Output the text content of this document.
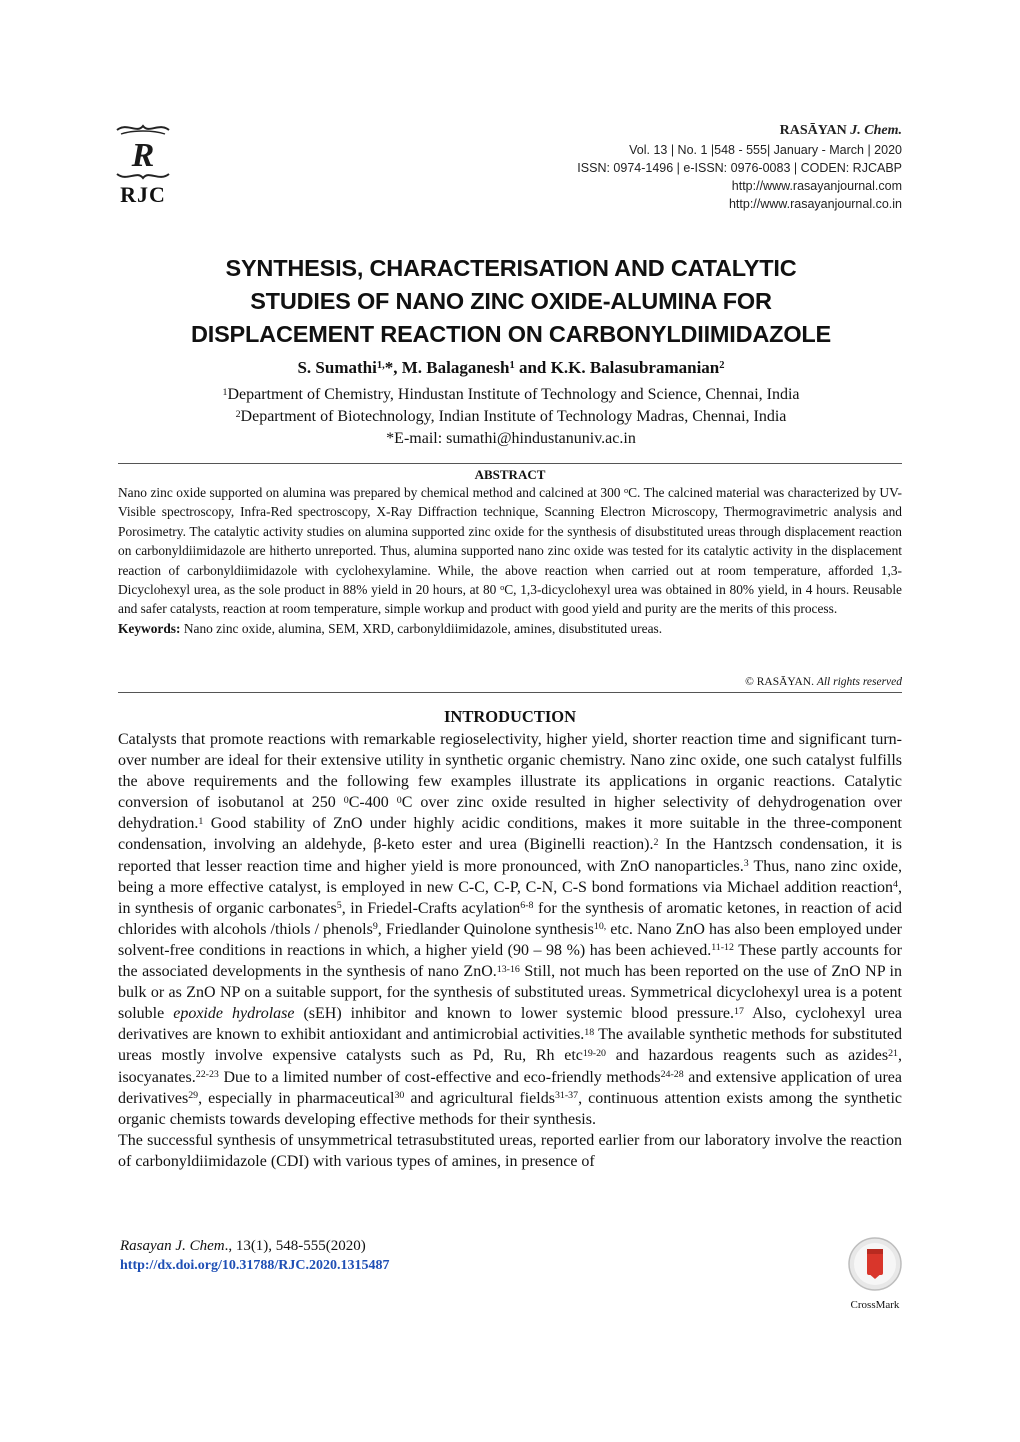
R
RJC
RASĀYAN J. Chem.
Vol. 13 | No. 1 |548 - 555| January - March | 2020
ISSN: 0974-1496 | e-ISSN: 0976-0083 | CODEN: RJCABP
http://www.rasayanjournal.com
http://www.rasayanjournal.co.in
SYNTHESIS, CHARACTERISATION AND CATALYTIC
STUDIES OF NANO ZINC OXIDE-ALUMINA FOR
DISPLACEMENT REACTION ON CARBONYLDIIMIDAZOLE
S. Sumathi$^{1,}$*, M. Balaganesh$^1$ and K.K. Balasubramanian$^2$
$^1$Department of Chemistry, Hindustan Institute of Technology and Science, Chennai, India
$^2$Department of Biotechnology, Indian Institute of Technology Madras, Chennai, India
*E-mail: sumathi@hindustanuniv.ac.in
ABSTRACT

Nano zinc oxide supported on alumina was prepared by chemical method and calcined at 300 $^o$C. The calcined material was characterized by UV-Visible spectroscopy, Infra-Red spectroscopy, X-Ray Diffraction technique, Scanning Electron Microscopy, Thermogravimetric analysis and Porosimetry. The catalytic activity studies on alumina supported zinc oxide for the synthesis of disubstituted ureas through displacement reaction on carbonyldiimidazole are hitherto unreported. Thus, alumina supported nano zinc oxide was tested for its catalytic activity in the displacement reaction of carbonyldiimidazole with cyclohexylamine. While, the above reaction when carried out at room temperature, afforded 1,3-Dicyclohexyl urea, as the sole product in 88% yield in 20 hours, at 80 $^o$C, 1,3-dicyclohexyl urea was obtained in 80% yield, in 4 hours. Reusable and safer catalysts, reaction at room temperature, simple workup and product with good yield and purity are the merits of this process.

Keywords: Nano zinc oxide, alumina, SEM, XRD, carbonyldiimidazole, amines, disubstituted ureas.

© RASĀYAN. All rights reserved
INTRODUCTION

Catalysts that promote reactions with remarkable regioselectivity, higher yield, shorter reaction time and significant turn-over number are ideal for their extensive utility in synthetic organic chemistry. Nano zinc oxide, one such catalyst fulfills the above requirements and the following few examples illustrate its applications in organic reactions. Catalytic conversion of isobutanol at 250 $^0$C-400 $^0$C over zinc oxide resulted in higher selectivity of dehydrogenation over dehydration.$^1$ Good stability of ZnO under highly acidic conditions, makes it more suitable in the three-component condensation, involving an aldehyde, β-keto ester and urea (Biginelli reaction).$^2$ In the Hantzsch condensation, it is reported that lesser reaction time and higher yield is more pronounced, with ZnO nanoparticles.$^3$ Thus, nano zinc oxide, being a more effective catalyst, is employed in new C-C, C-P, C-N, C-S bond formations via Michael addition reaction$^4$, in synthesis of organic carbonates$^5$, in Friedel-Crafts acylation$^{6-8}$ for the synthesis of aromatic ketones, in reaction of acid chlorides with alcohols /thiols / phenols$^9$, Friedlander Quinolone synthesis$^{10,}$ etc. Nano ZnO has also been employed under solvent-free conditions in reactions in which, a higher yield (90 – 98 %) has been achieved.$^{11-12}$ These partly accounts for the associated developments in the synthesis of nano ZnO.$^{13-16}$ Still, not much has been reported on the use of ZnO NP in bulk or as ZnO NP on a suitable support, for the synthesis of substituted ureas. Symmetrical dicyclohexyl urea is a potent soluble epoxide hydrolase (sEH) inhibitor and known to lower systemic blood pressure.$^{17}$ Also, cyclohexyl urea derivatives are known to exhibit antioxidant and antimicrobial activities.$^{18}$ The available synthetic methods for substituted ureas mostly involve expensive catalysts such as Pd, Ru, Rh etc$^{19-20}$ and hazardous reagents such as azides$^{21}$, isocyanates.$^{22-23}$ Due to a limited number of cost-effective and eco-friendly methods$^{24-28}$ and extensive application of urea derivatives$^{29}$, especially in pharmaceutical$^{30}$ and agricultural fields$^{31-37}$, continuous attention exists among the synthetic organic chemists towards developing effective methods for their synthesis.

The successful synthesis of unsymmetrical tetrasubstituted ureas, reported earlier from our laboratory involve the reaction of carbonyldiimidazole (CDI) with various types of amines, in presence of

Rasayan J. Chem., 13(1), 548-555(2020)
http://dx.doi.org/10.31788/RJC.2020.1315487
CrossMark
